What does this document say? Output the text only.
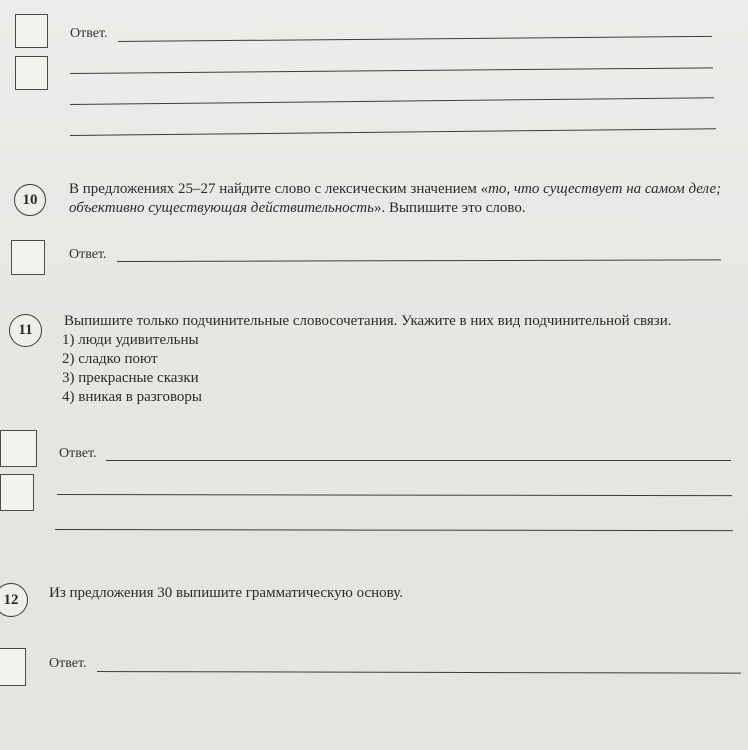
Ответ.
10
В предложениях 25–27 найдите слово с лексическим значением «то, что существует на самом деле; объективно существующая действительность». Выпишите это слово.
Ответ.
11
Выпишите только подчинительные словосочетания. Укажите в них вид подчинительной связи.
1) люди удивительны
2) сладко поют
3) прекрасные сказки
4) вникая в разговоры
Ответ.
12	Из предложения 30 выпишите грамматическую основу.
Ответ.
